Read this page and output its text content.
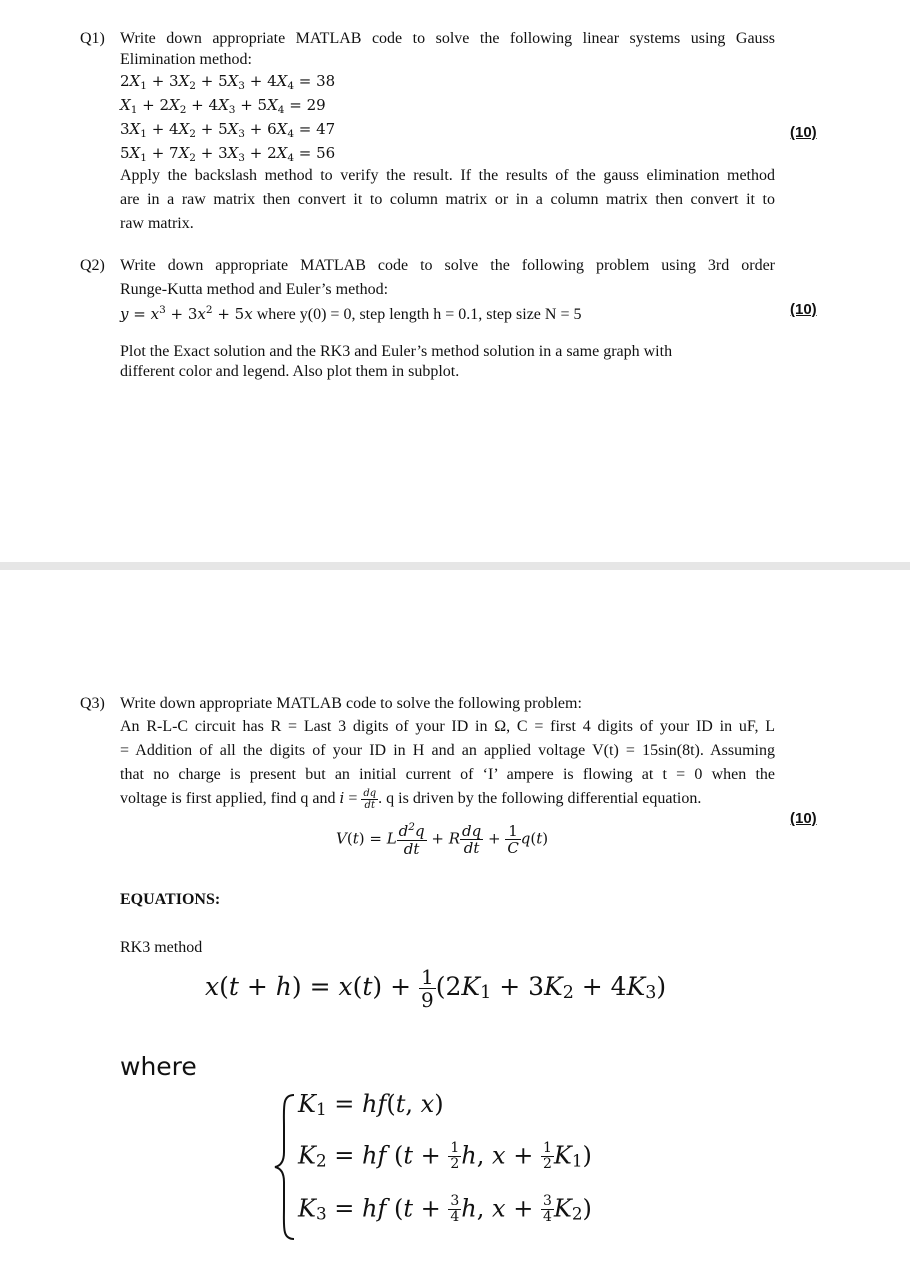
Q1) Write down appropriate MATLAB code to solve the following linear systems using Gauss
Elimination method:
$2X_1 + 3X_2 + 5X_3 + 4X_4 = 38$
$X_1 + 2X_2 + 4X_3 + 5X_4 = 29$
$3X_1 + 4X_2 + 5X_3 + 6X_4 = 47$
$5X_1 + 7X_2 + 3X_3 + 2X_4 = 56$
(10)
Apply the backslash method to verify the result. If the results of the gauss elimination method
are in a raw matrix then convert it to column matrix or in a column matrix then convert it to
raw matrix.
Q2) Write down appropriate MATLAB code to solve the following problem using 3rd order
Runge-Kutta method and Euler’s method:
$y = x^3 + 3x^2 + 5x$ where y(0) = 0, step length h = 0.1, step size N = 5	(10)
Plot the Exact solution and the RK3 and Euler’s method solution in a same graph with
different color and legend. Also plot them in subplot.
Q3) Write down appropriate MATLAB code to solve the following problem:
An R-L-C circuit has R = Last 3 digits of your ID in Ω, C = first 4 digits of your ID in uF, L
= Addition of all the digits of your ID in H and an applied voltage V(t) = 15sin(8t). Assuming
that no charge is present but an initial current of ‘I’ ampere is flowing at t = 0 when the
voltage is first applied, find q and $i = \frac{dq}{dt}$ . q is driven by the following differential equation.
(10)
V(t) = L $\frac{d^2q}{dt} + R \frac{dq}{dt} + \frac{1}{C} q(t)$
EQUATIONS:
RK3 method
$x(t + h) = x(t) + \frac{1}{9} (2K_1 + 3K_2 + 4K_3)$
where
$K_1 = hf(t$, x)
$K_2$ = hf ($t + \frac{1}{2} h$, $x + \frac{1}{2} K_1$)
$K_3$ = hf ($t + \frac{3}{4} h$, $x + \frac{3}{4} K_2$)
